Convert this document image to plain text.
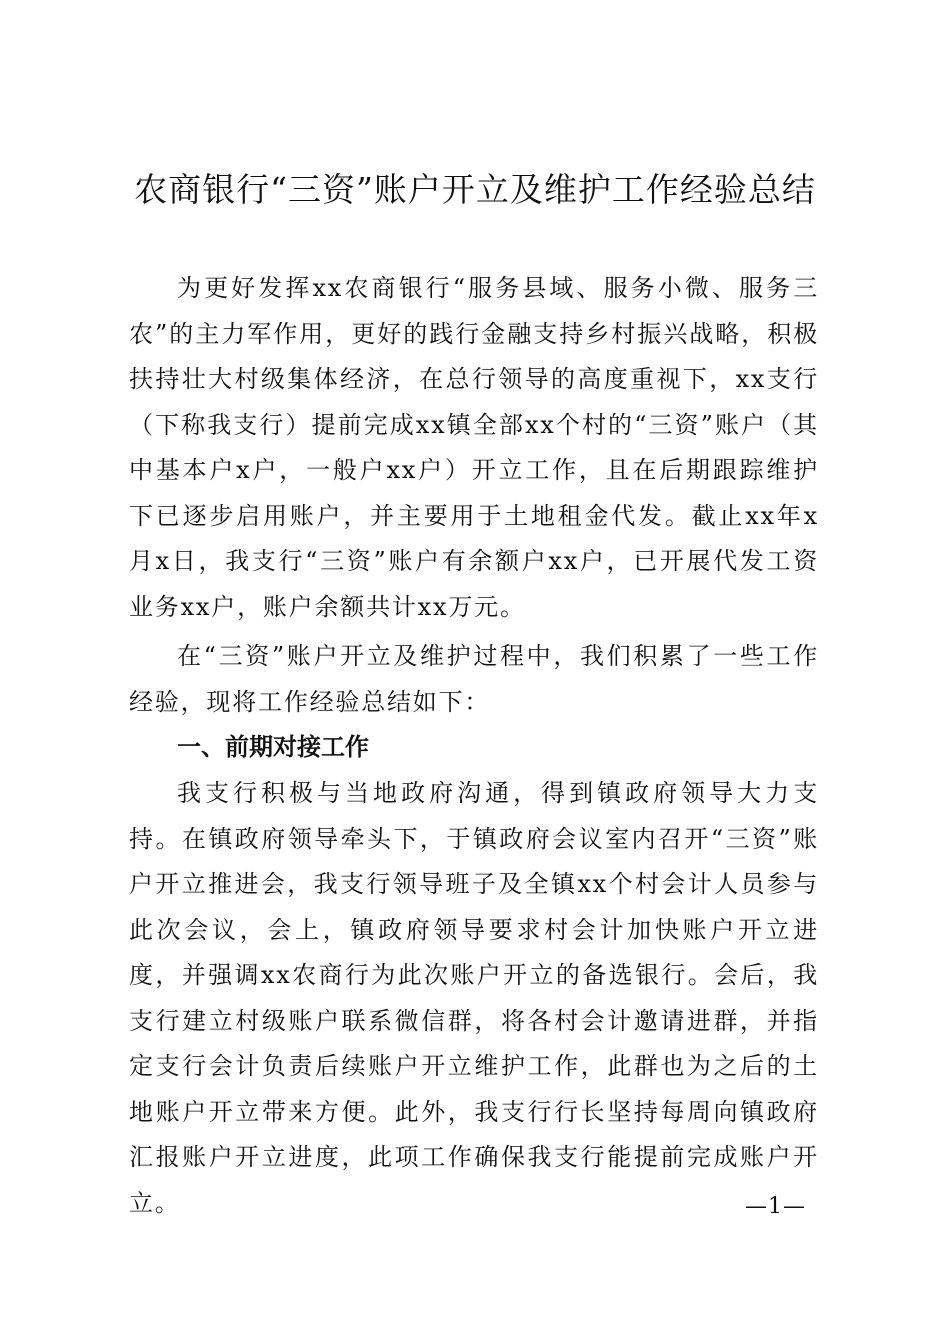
农商银行“三资”账户开立及维护工作经验总结

为更好发挥xx农商银行“服务县域、服务小微、服务三农”的主力军作用，更好的践行金融支持乡村振兴战略，积极扶持壮大村级集体经济，在总行领导的高度重视下，xx支行（下称我支行）提前完成xx镇全部xx个村的“三资”账户（其中基本户x户，一般户xx户）开立工作，且在后期跟踪维护下已逐步启用账户，并主要用于土地租金代发。截止xx年x月x日，我支行“三资”账户有余额户xx户，已开展代发工资业务xx户，账户余额共计xx万元。

在“三资”账户开立及维护过程中，我们积累了一些工作经验，现将工作经验总结如下：

一、前期对接工作

我支行积极与当地政府沟通，得到镇政府领导大力支持。在镇政府领导牵头下，于镇政府会议室内召开“三资”账户开立推进会，我支行领导班子及全镇xx个村会计人员参与此次会议，会上，镇政府领导要求村会计加快账户开立进度，并强调xx农商行为此次账户开立的备选银行。会后，我支行建立村级账户联系微信群，将各村会计邀请进群，并指定支行会计负责后续账户开立维护工作，此群也为之后的土地账户开立带来方便。此外，我支行行长坚持每周向镇政府汇报账户开立进度，此项工作确保我支行能提前完成账户开立。	—1—
